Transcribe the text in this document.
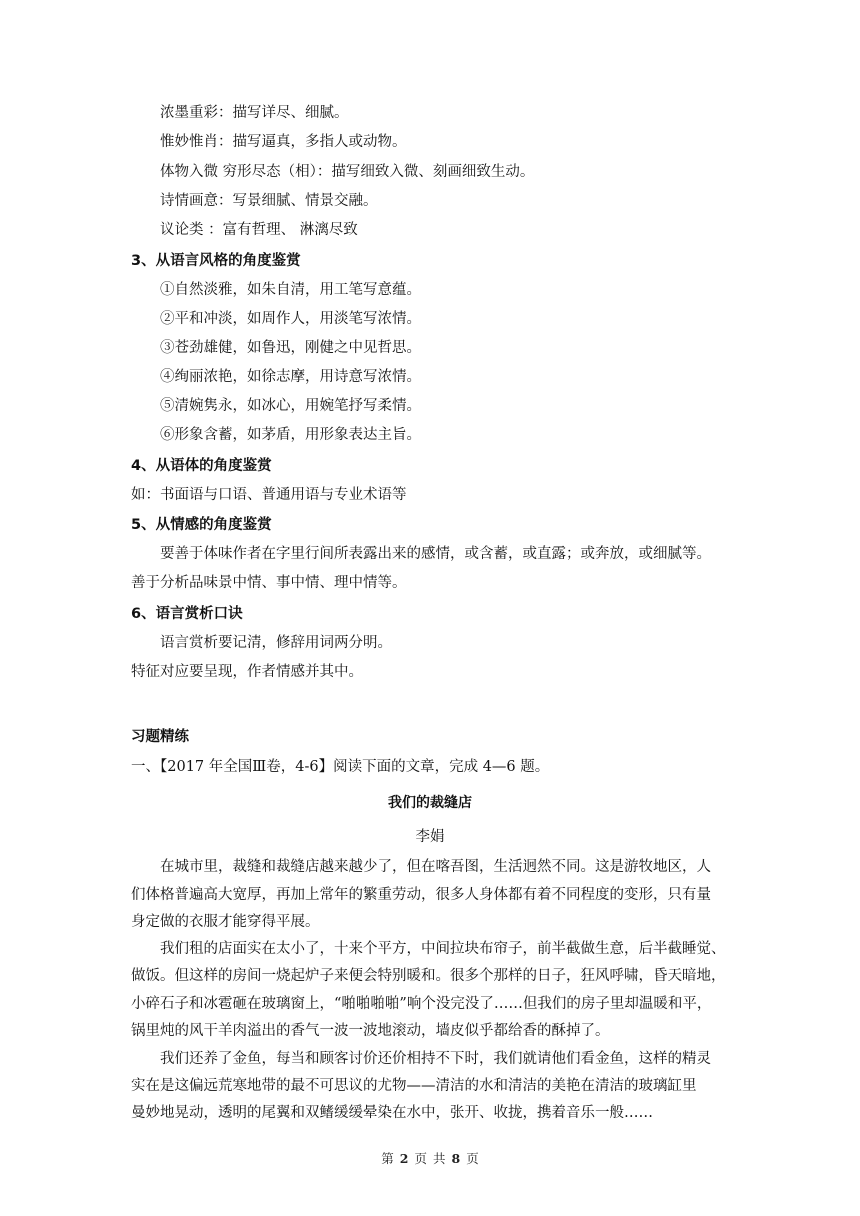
浓墨重彩：描写详尽、细腻。
惟妙惟肖：描写逼真，多指人或动物。
体物入微 穷形尽态（相）：描写细致入微、刻画细致生动。
诗情画意：写景细腻、情景交融。
议论类 ：富有哲理、 淋漓尽致
3、从语言风格的角度鉴赏
①自然淡雅，如朱自清，用工笔写意蕴。
②平和冲淡，如周作人，用淡笔写浓情。
③苍劲雄健，如鲁迅，刚健之中见哲思。
④绚丽浓艳，如徐志摩，用诗意写浓情。
⑤清婉隽永，如冰心，用婉笔抒写柔情。
⑥形象含蓄，如茅盾，用形象表达主旨。
4、从语体的角度鉴赏
如：书面语与口语、普通用语与专业术语等
5、从情感的角度鉴赏
要善于体味作者在字里行间所表露出来的感情，或含蓄，或直露；或奔放，或细腻等。
善于分析品味景中情、事中情、理中情等。
6、语言赏析口诀
语言赏析要记清，修辞用词两分明。
特征对应要呈现，作者情感并其中。
习题精练
一、【2017 年全国Ⅲ卷，4-6】阅读下面的文章，完成 4—6 题。
我们的裁缝店
李娟
在城市里，裁缝和裁缝店越来越少了，但在喀吾图，生活迥然不同。这是游牧地区，人
们体格普遍高大宽厚，再加上常年的繁重劳动，很多人身体都有着不同程度的变形，只有量
身定做的衣服才能穿得平展。
我们租的店面实在太小了，十来个平方，中间拉块布帘子，前半截做生意，后半截睡觉、
做饭。但这样的房间一烧起炉子来便会特别暖和。很多个那样的日子，狂风呼啸，昏天暗地，
小碎石子和冰雹砸在玻璃窗上，“啪啪啪啪”响个没完没了……但我们的房子里却温暖和平，
锅里炖的风干羊肉溢出的香气一波一波地滚动，墙皮似乎都给香的酥掉了。
我们还养了金鱼，每当和顾客讨价还价相持不下时，我们就请他们看金鱼，这样的精灵
实在是这偏远荒寒地带的最不可思议的尤物——清洁的水和清洁的美艳在清洁的玻璃缸里
曼妙地晃动，透明的尾翼和双鳍缓缓晕染在水中，张开、收拢，携着音乐一般……
第 2 页 共 8 页
